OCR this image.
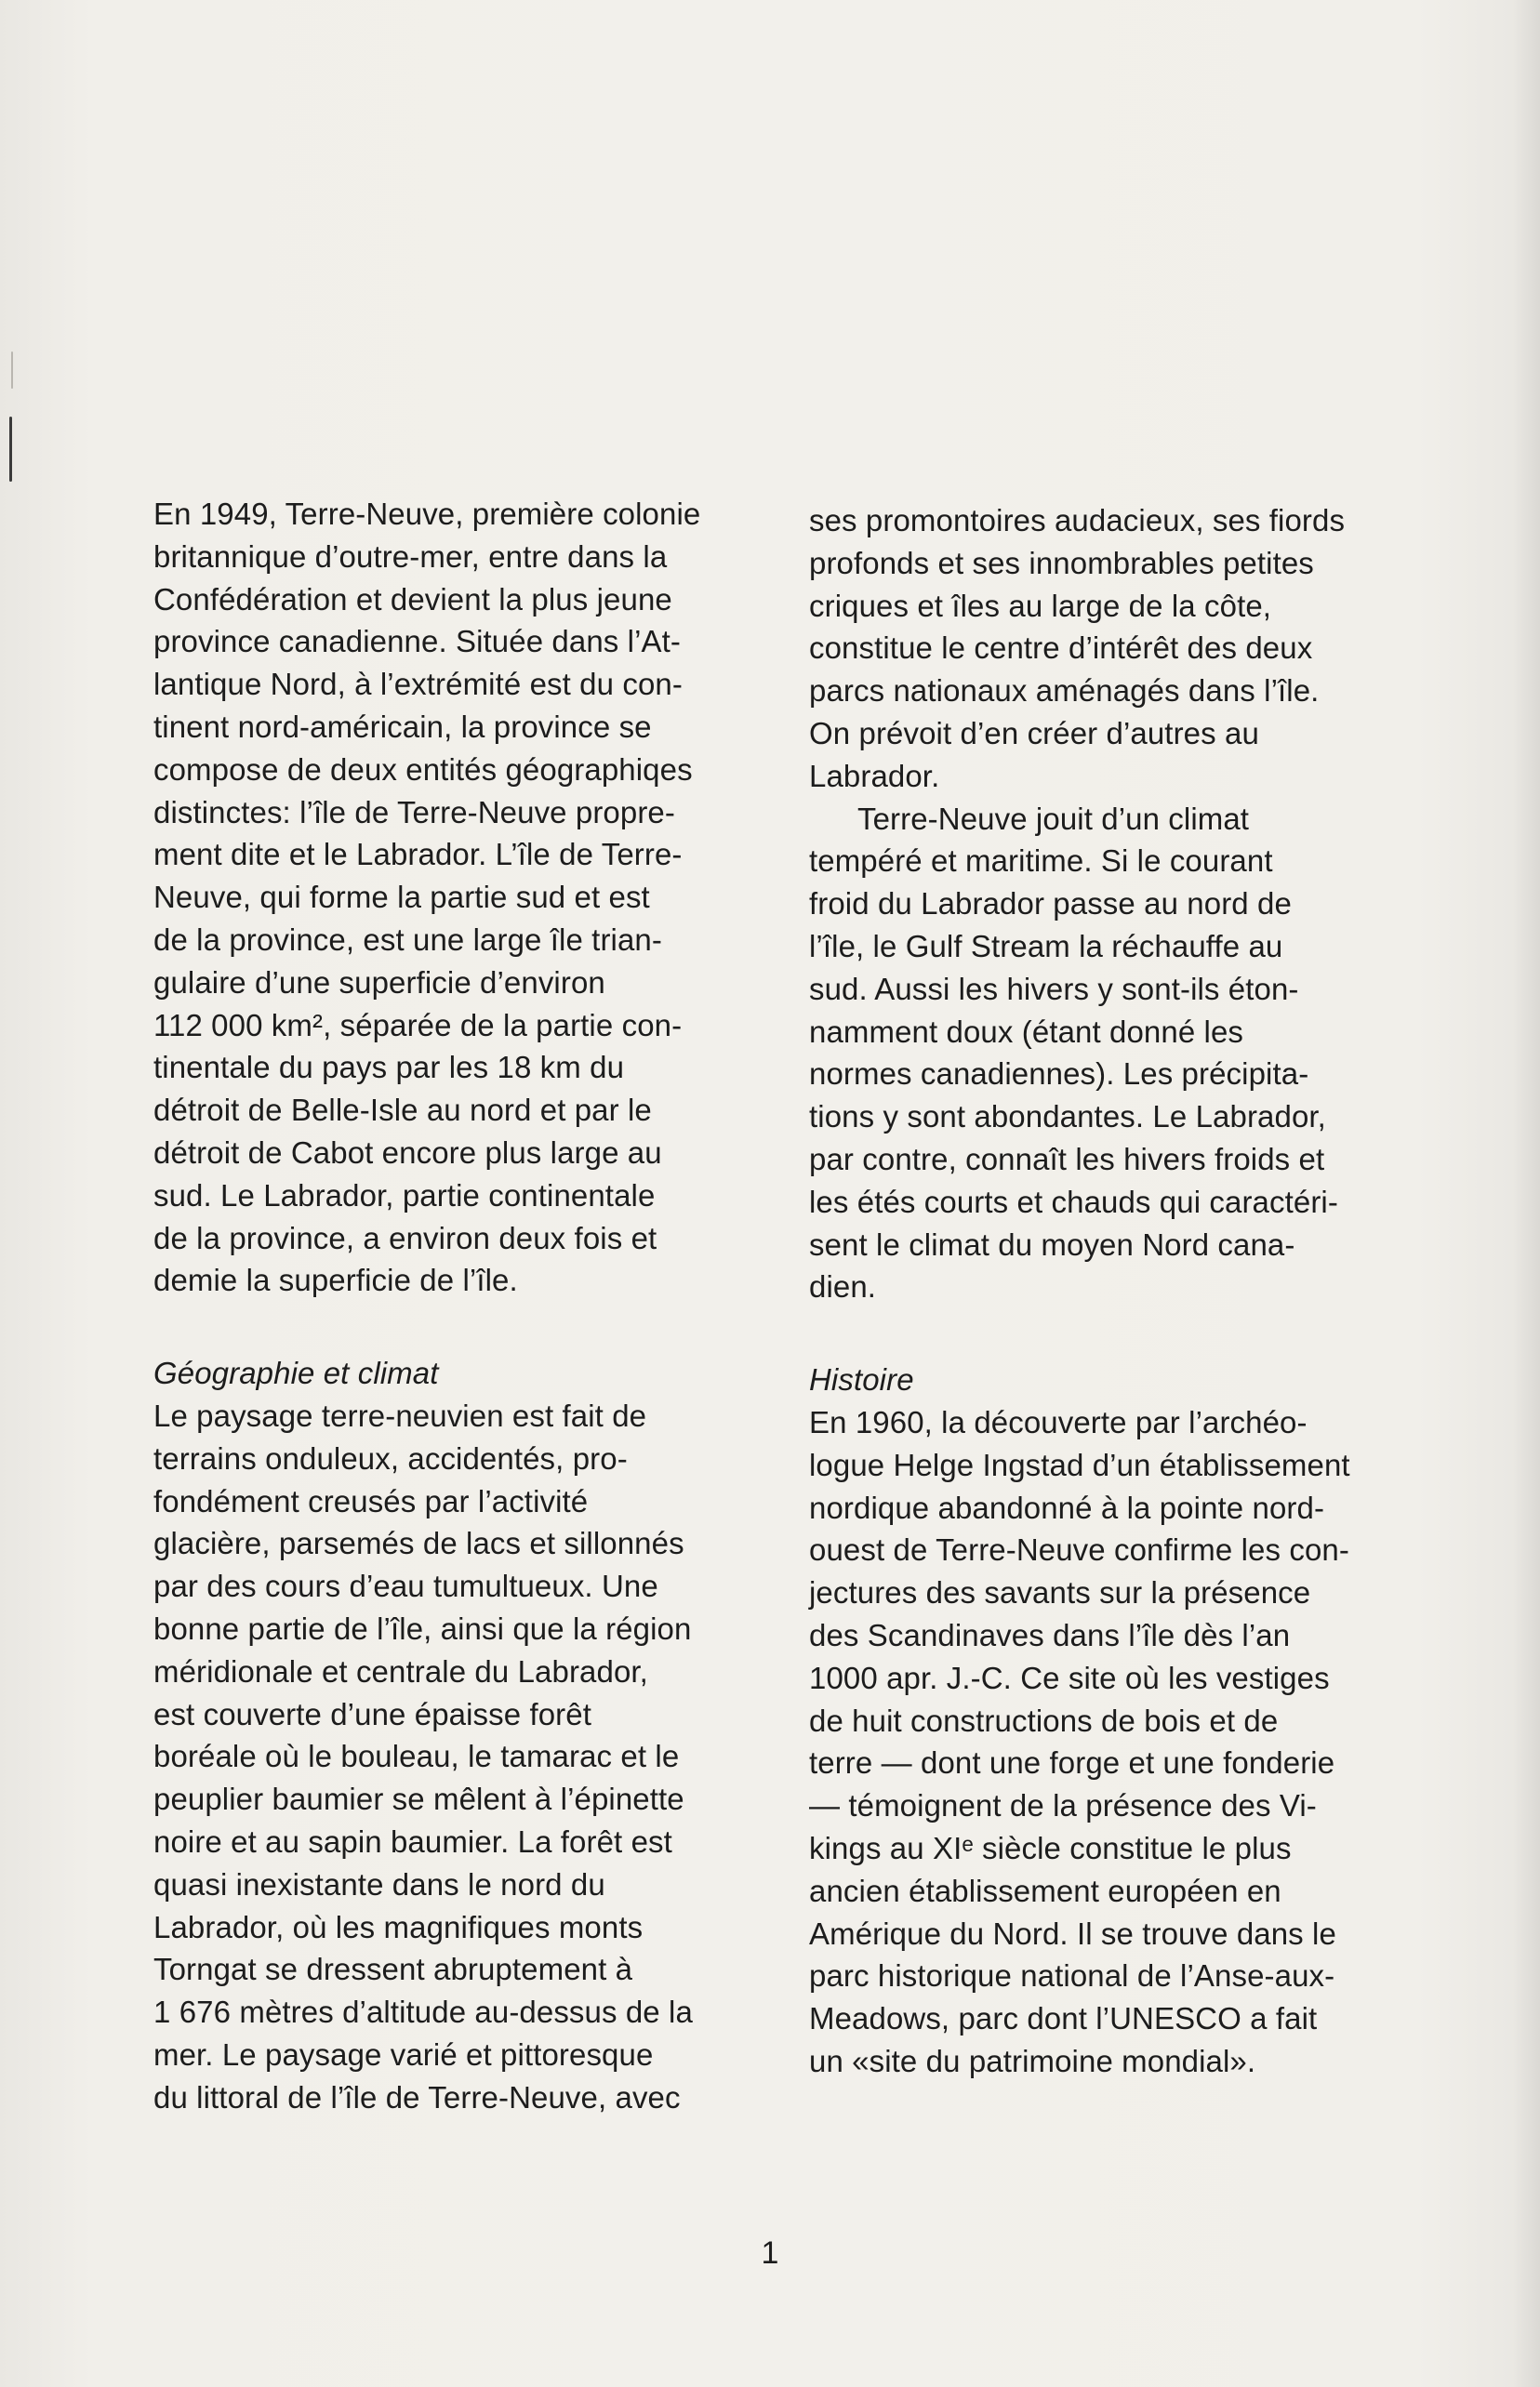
En 1949, Terre-Neuve, première colonie
britannique d’outre-mer, entre dans la
Confédération et devient la plus jeune
province canadienne. Située dans l’At-
lantique Nord, à l’extrémité est du con-
tinent nord-américain, la province se
compose de deux entités géographiqes
distinctes: l’île de Terre-Neuve propre-
ment dite et le Labrador. L’île de Terre-
Neuve, qui forme la partie sud et est
de la province, est une large île trian-
gulaire d’une superficie d’environ
112 000 km², séparée de la partie con-
tinentale du pays par les 18 km du
détroit de Belle-Isle au nord et par le
détroit de Cabot encore plus large au
sud. Le Labrador, partie continentale
de la province, a environ deux fois et
demie la superficie de l’île.
Géographie et climat
Le paysage terre-neuvien est fait de
terrains onduleux, accidentés, pro-
fondément creusés par l’activité
glacière, parsemés de lacs et sillonnés
par des cours d’eau tumultueux. Une
bonne partie de l’île, ainsi que la région
méridionale et centrale du Labrador,
est couverte d’une épaisse forêt
boréale où le bouleau, le tamarac et le
peuplier baumier se mêlent à l’épinette
noire et au sapin baumier. La forêt est
quasi inexistante dans le nord du
Labrador, où les magnifiques monts
Torngat se dressent abruptement à
1 676 mètres d’altitude au-dessus de la
mer. Le paysage varié et pittoresque
du littoral de l’île de Terre-Neuve, avec
ses promontoires audacieux, ses fiords
profonds et ses innombrables petites
criques et îles au large de la côte,
constitue le centre d’intérêt des deux
parcs nationaux aménagés dans l’île.
On prévoit d’en créer d’autres au
Labrador.
Terre-Neuve jouit d’un climat
tempéré et maritime. Si le courant
froid du Labrador passe au nord de
l’île, le Gulf Stream la réchauffe au
sud. Aussi les hivers y sont-ils éton-
namment doux (étant donné les
normes canadiennes). Les précipita-
tions y sont abondantes. Le Labrador,
par contre, connaît les hivers froids et
les étés courts et chauds qui caractéri-
sent le climat du moyen Nord cana-
dien.
Histoire
En 1960, la découverte par l’archéo-
logue Helge Ingstad d’un établissement
nordique abandonné à la pointe nord-
ouest de Terre-Neuve confirme les con-
jectures des savants sur la présence
des Scandinaves dans l’île dès l’an
1000 apr. J.-C. Ce site où les vestiges
de huit constructions de bois et de
terre — dont une forge et une fonderie
— témoignent de la présence des Vi-
kings au XIᵉ siècle constitue le plus
ancien établissement européen en
Amérique du Nord. Il se trouve dans le
parc historique national de l’Anse-aux-
Meadows, parc dont l’UNESCO a fait
un «site du patrimoine mondial».
1
